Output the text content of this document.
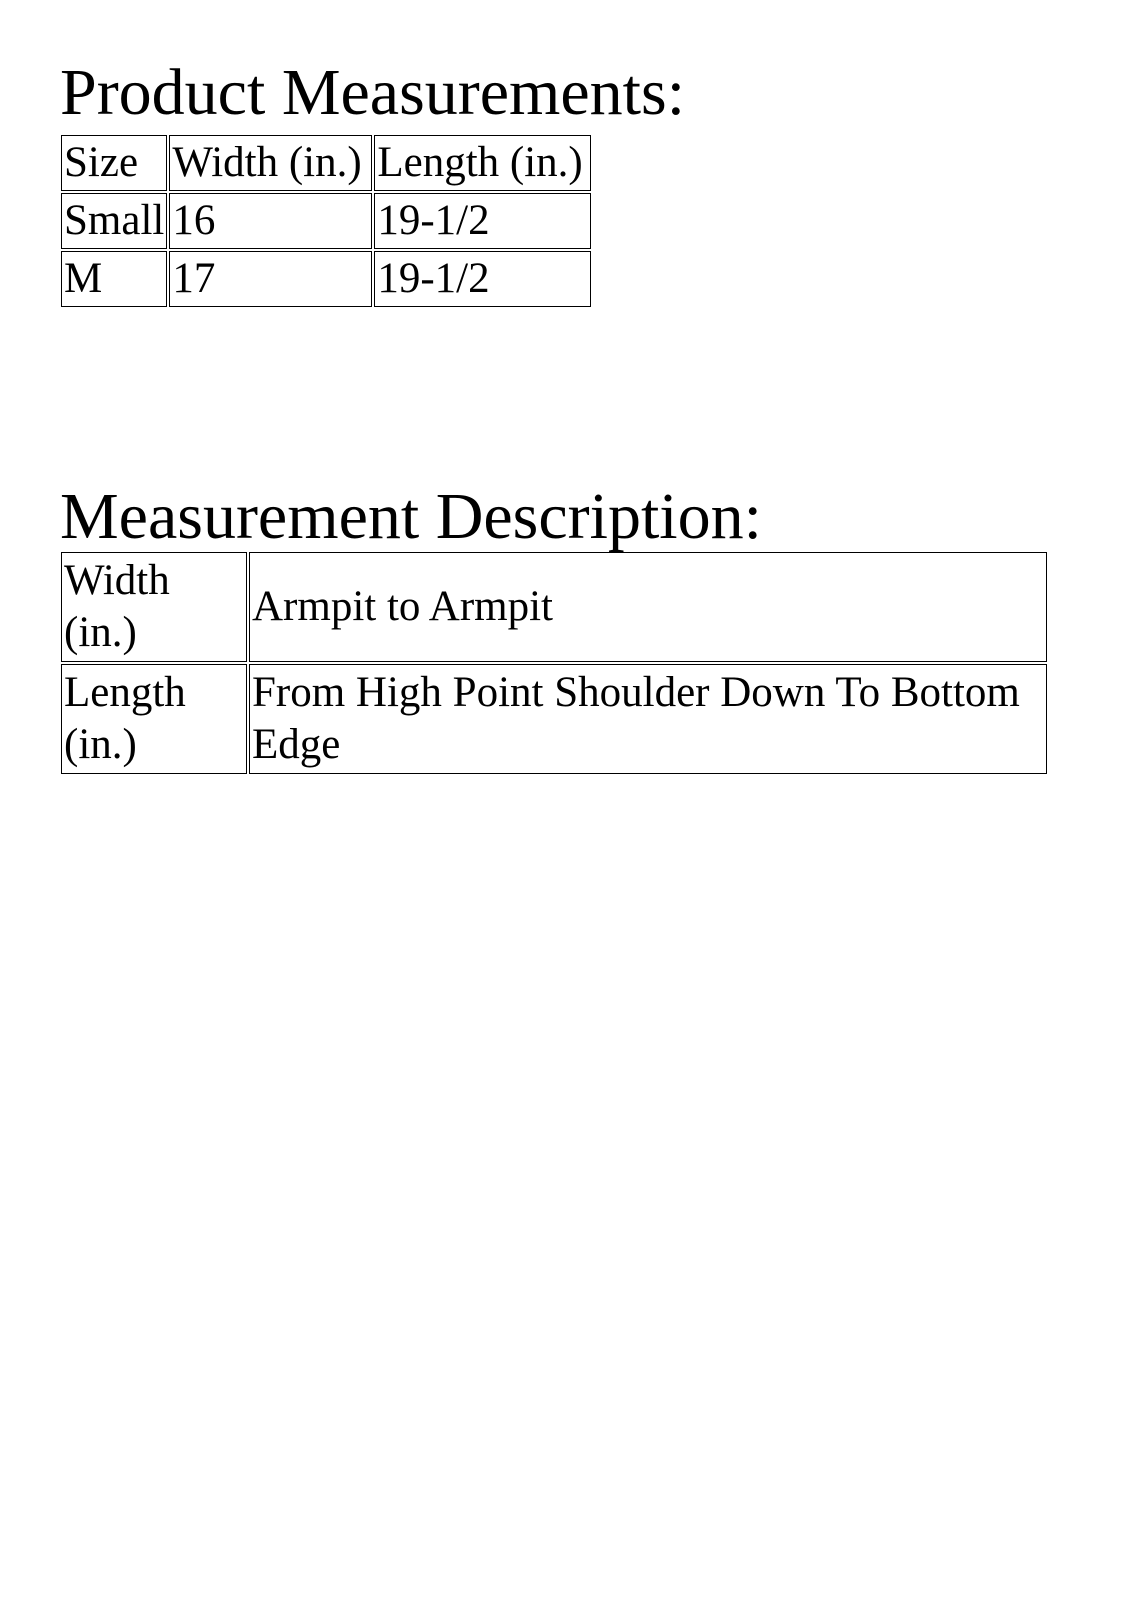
Product Measurements:
Size	Width (in.)	Length (in.)
Small	16	19-1/2
M	17	19-1/2
Measurement Description:
Width (in.)	Armpit to Armpit
Length (in.)	From High Point Shoulder Down To Bottom Edge
